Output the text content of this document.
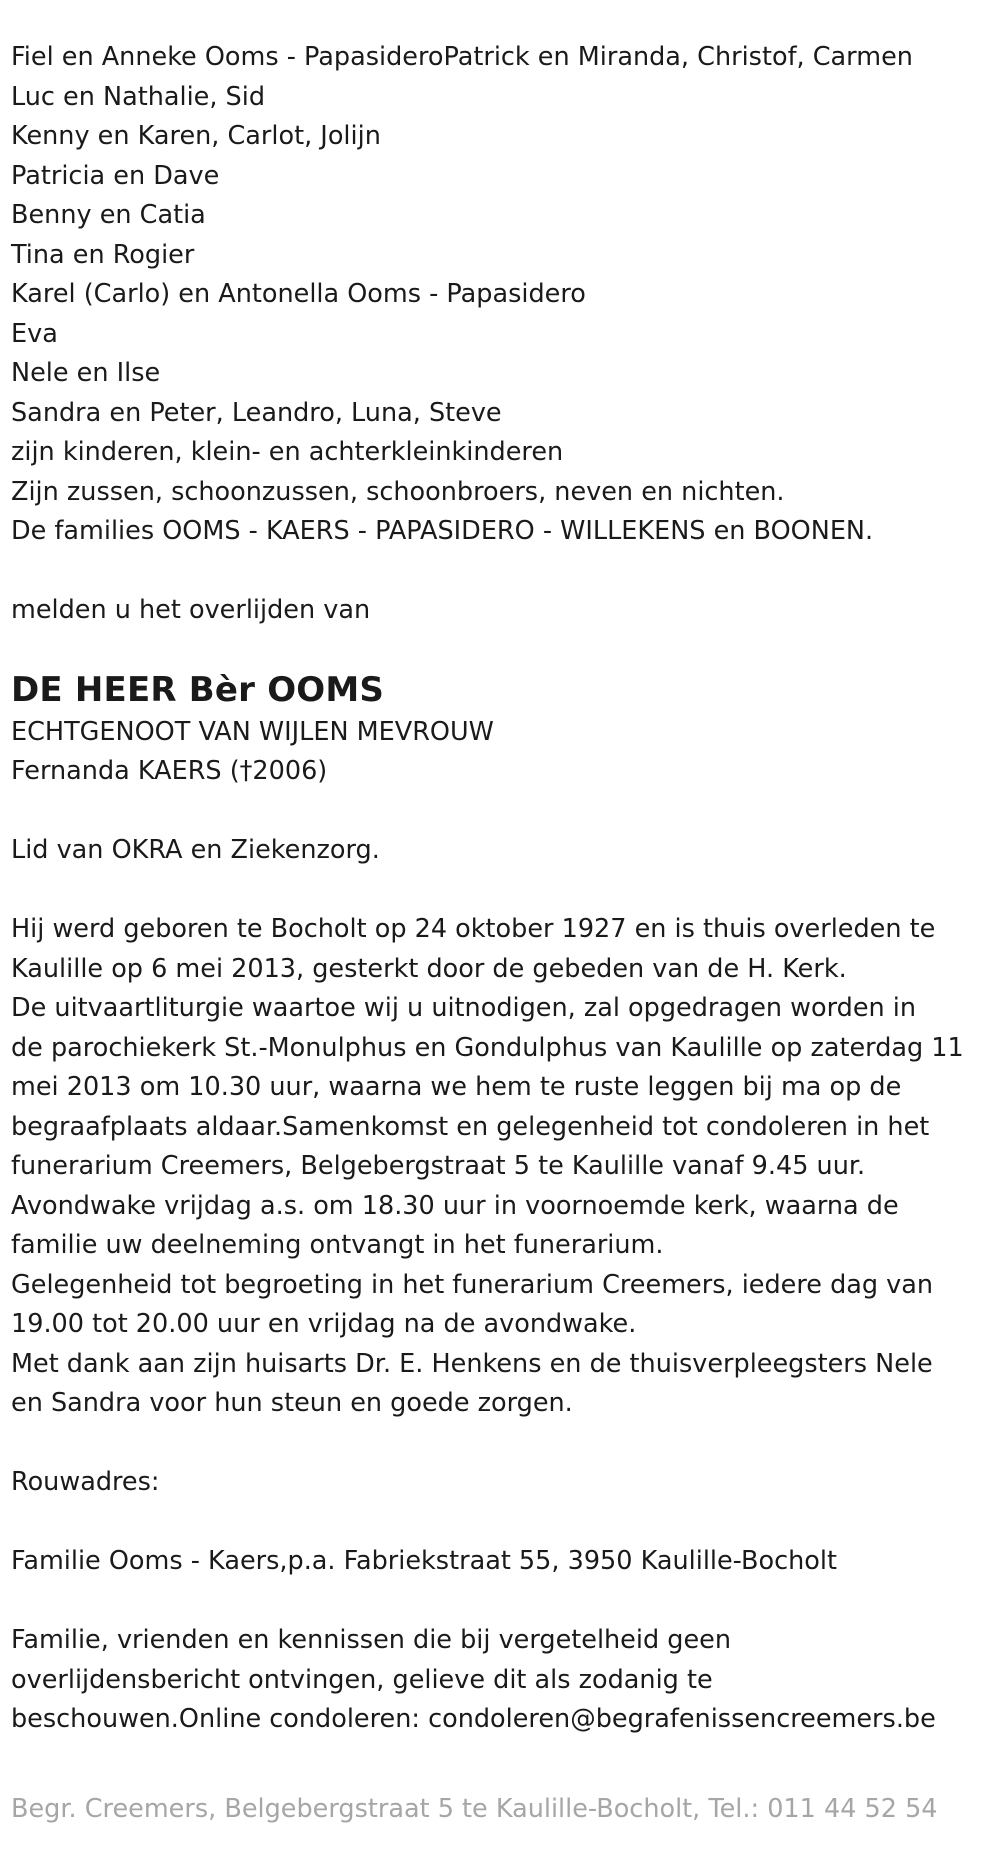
Fiel en Anneke Ooms - PapasideroPatrick en Miranda, Christof, Carmen

Luc en Nathalie, Sid

Kenny en Karen, Carlot, Jolijn

Patricia en Dave

Benny en Catia

Tina en Rogier

Karel (Carlo) en Antonella Ooms - Papasidero

Eva

Nele en Ilse

Sandra en Peter, Leandro, Luna, Steve

zijn kinderen, klein- en achterkleinkinderen

Zijn zussen, schoonzussen, schoonbroers, neven en nichten.

De families OOMS - KAERS - PAPASIDERO - WILLEKENS en BOONEN.

melden u het overlijden van

DE HEER Bèr OOMS

ECHTGENOOT VAN WIJLEN MEVROUW

Fernanda KAERS (†2006)

Lid van OKRA en Ziekenzorg.

Hij werd geboren te Bocholt op 24 oktober 1927 en is thuis overleden te

Kaulille op 6 mei 2013, gesterkt door de gebeden van de H. Kerk.

De uitvaartliturgie waartoe wij u uitnodigen, zal opgedragen worden in

de parochiekerk St.-Monulphus en Gondulphus van Kaulille op zaterdag 11

mei 2013 om 10.30 uur, waarna we hem te ruste leggen bij ma op de

begraafplaats aldaar.Samenkomst en gelegenheid tot condoleren in het

funerarium Creemers, Belgebergstraat 5 te Kaulille vanaf 9.45 uur.

Avondwake vrijdag a.s. om 18.30 uur in voornoemde kerk, waarna de

familie uw deelneming ontvangt in het funerarium.

Gelegenheid tot begroeting in het funerarium Creemers, iedere dag van

19.00 tot 20.00 uur en vrijdag na de avondwake.

Met dank aan zijn huisarts Dr. E. Henkens en de thuisverpleegsters Nele

en Sandra voor hun steun en goede zorgen.

Rouwadres:

Familie Ooms - Kaers,p.a. Fabriekstraat 55, 3950 Kaulille-Bocholt

Familie, vrienden en kennissen die bij vergetelheid geen

overlijdensbericht ontvingen, gelieve dit als zodanig te

beschouwen.Online condoleren: condoleren@begrafenissencreemers.be

Begr. Creemers, Belgebergstraat 5 te Kaulille-Bocholt, Tel.: 011 44 52 54
